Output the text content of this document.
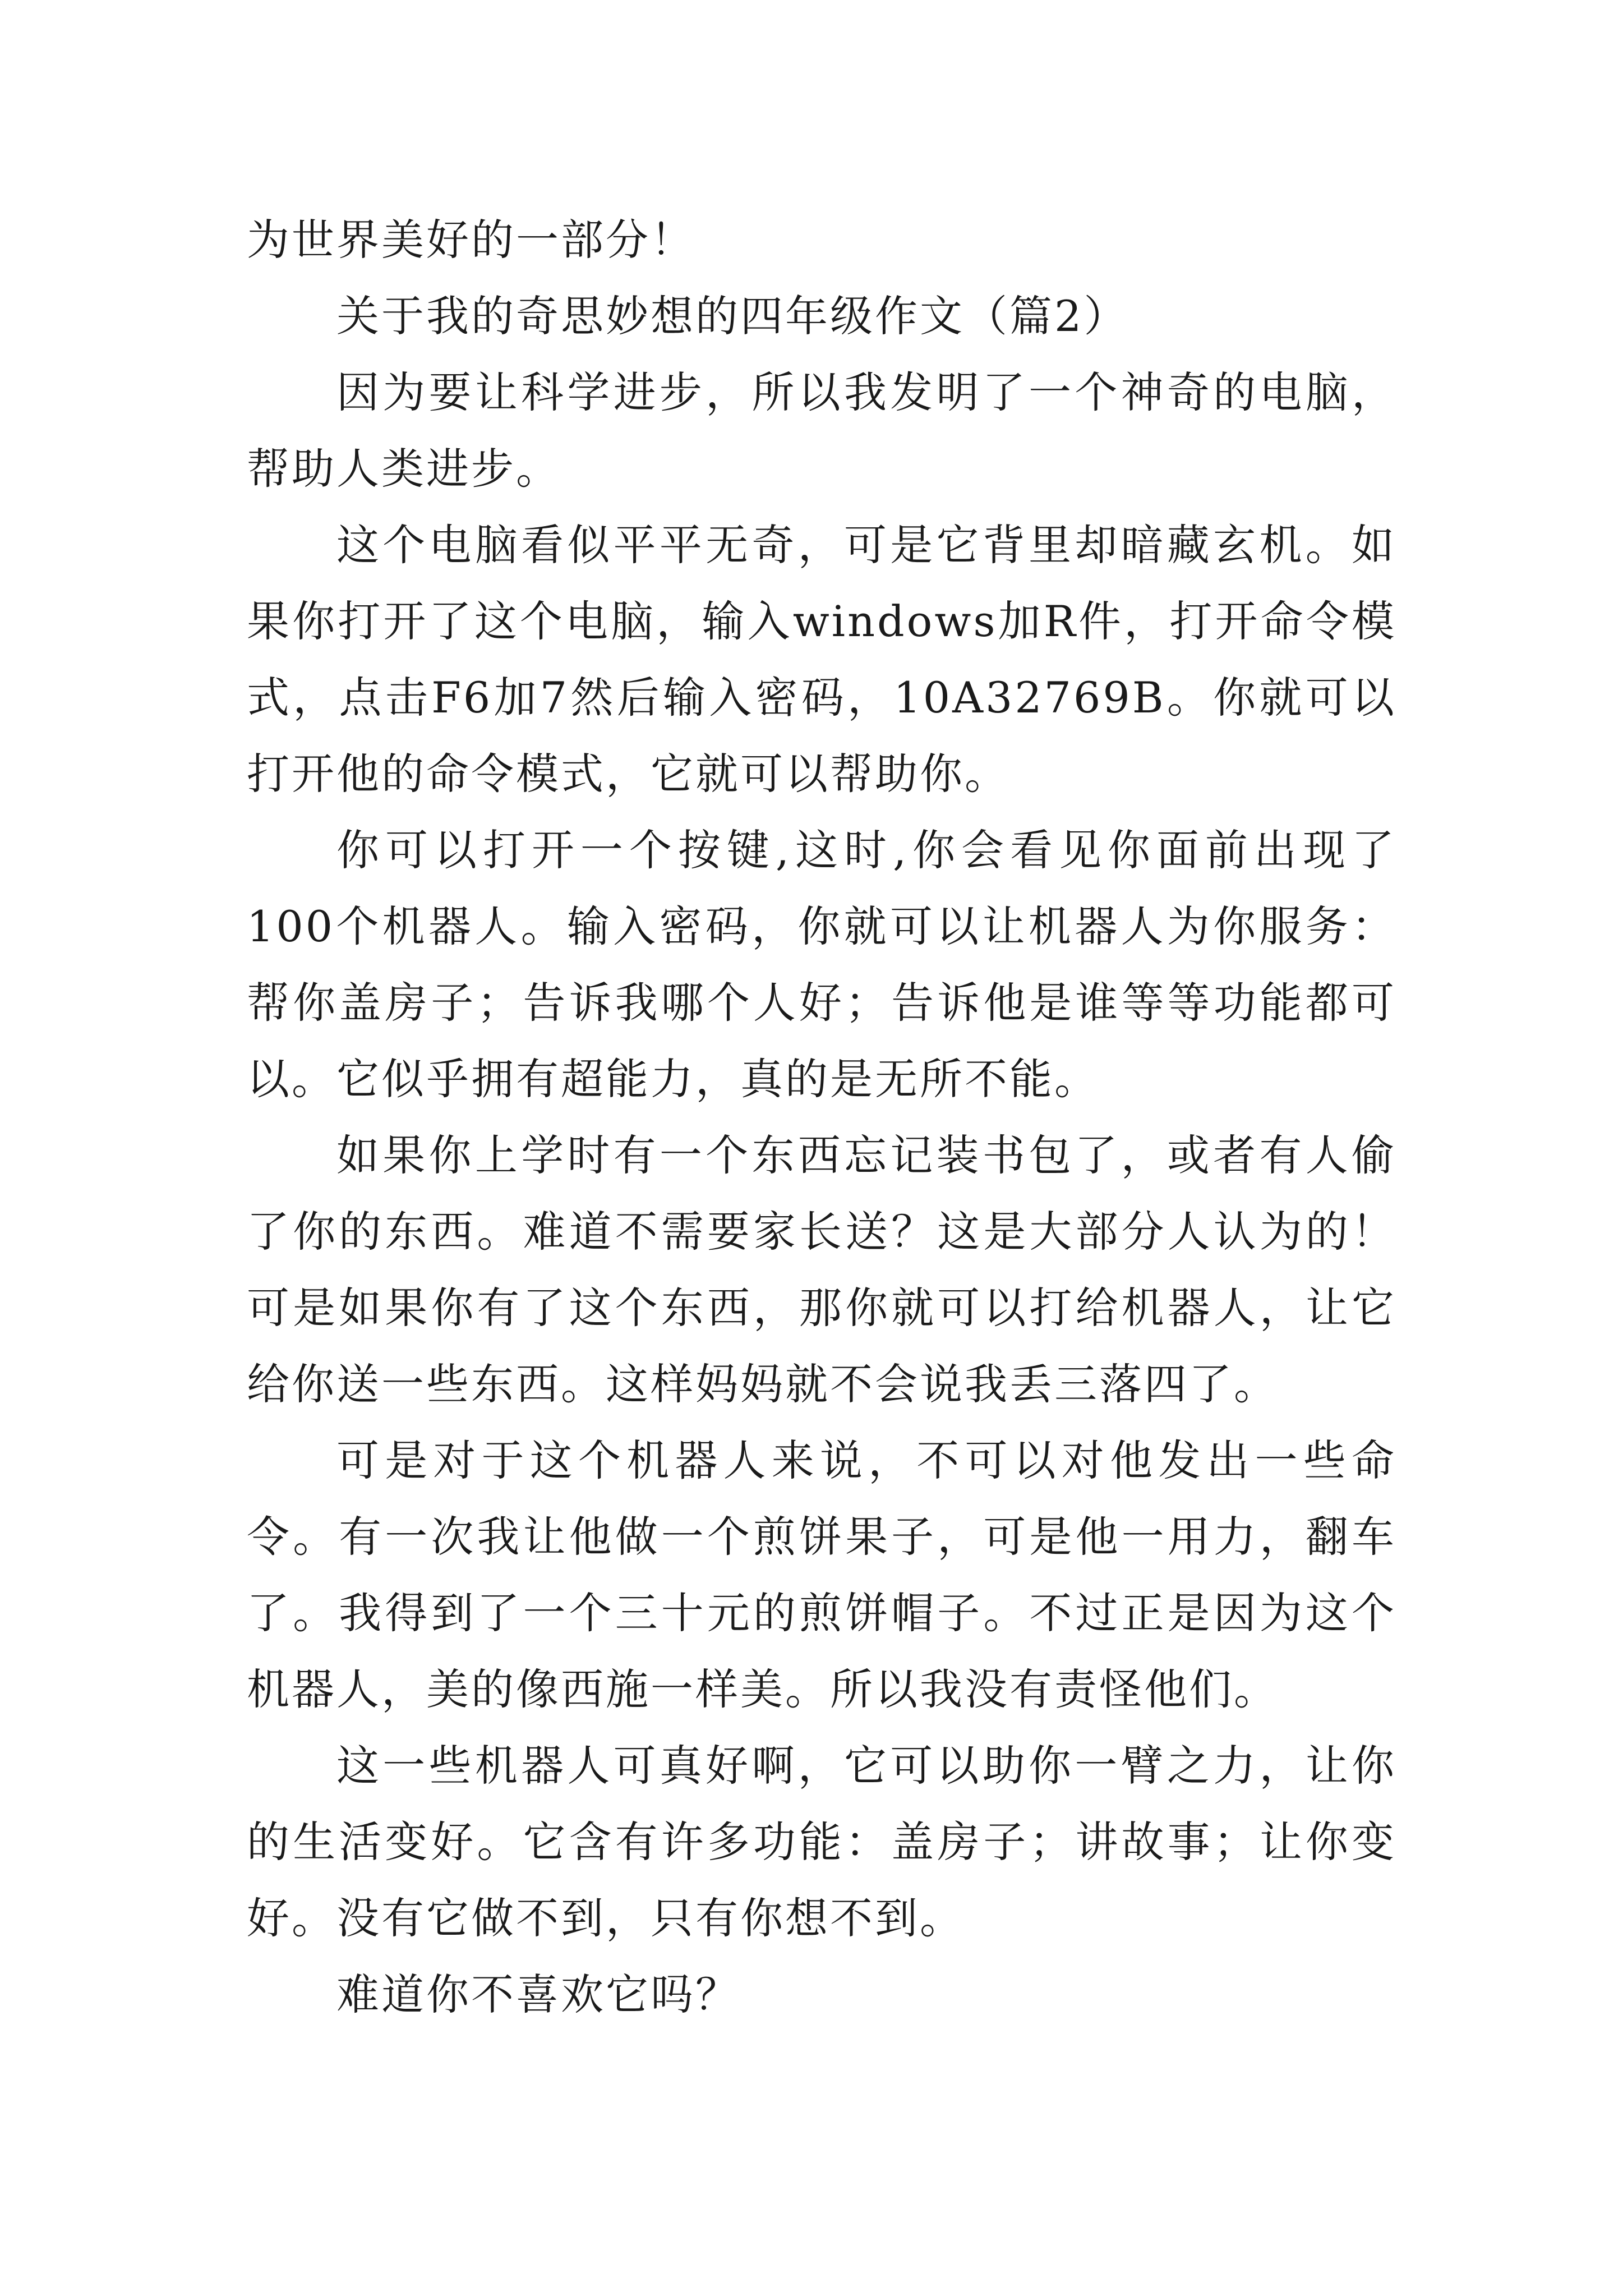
为世界美好的一部分！

关于我的奇思妙想的四年级作文（篇2）

因为要让科学进步，所以我发明了一个神奇的电脑，帮助人类进步。

这个电脑看似平平无奇，可是它背里却暗藏玄机。如果你打开了这个电脑，输入windows加R件，打开命令模式，点击F6加7然后输入密码，10A32769B。你就可以打开他的命令模式，它就可以帮助你。

你可以打开一个按键,这时,你会看见你面前出现了100个机器人。输入密码，你就可以让机器人为你服务：帮你盖房子；告诉我哪个人好；告诉他是谁等等功能都可以。它似乎拥有超能力，真的是无所不能。

如果你上学时有一个东西忘记装书包了，或者有人偷了你的东西。难道不需要家长送？这是大部分人认为的！可是如果你有了这个东西，那你就可以打给机器人，让它给你送一些东西。这样妈妈就不会说我丢三落四了。

可是对于这个机器人来说，不可以对他发出一些命令。有一次我让他做一个煎饼果子，可是他一用力，翻车了。我得到了一个三十元的煎饼帽子。不过正是因为这个机器人，美的像西施一样美。所以我没有责怪他们。

这一些机器人可真好啊，它可以助你一臂之力，让你的生活变好。它含有许多功能：盖房子；讲故事；让你变好。没有它做不到，只有你想不到。

难道你不喜欢它吗？
